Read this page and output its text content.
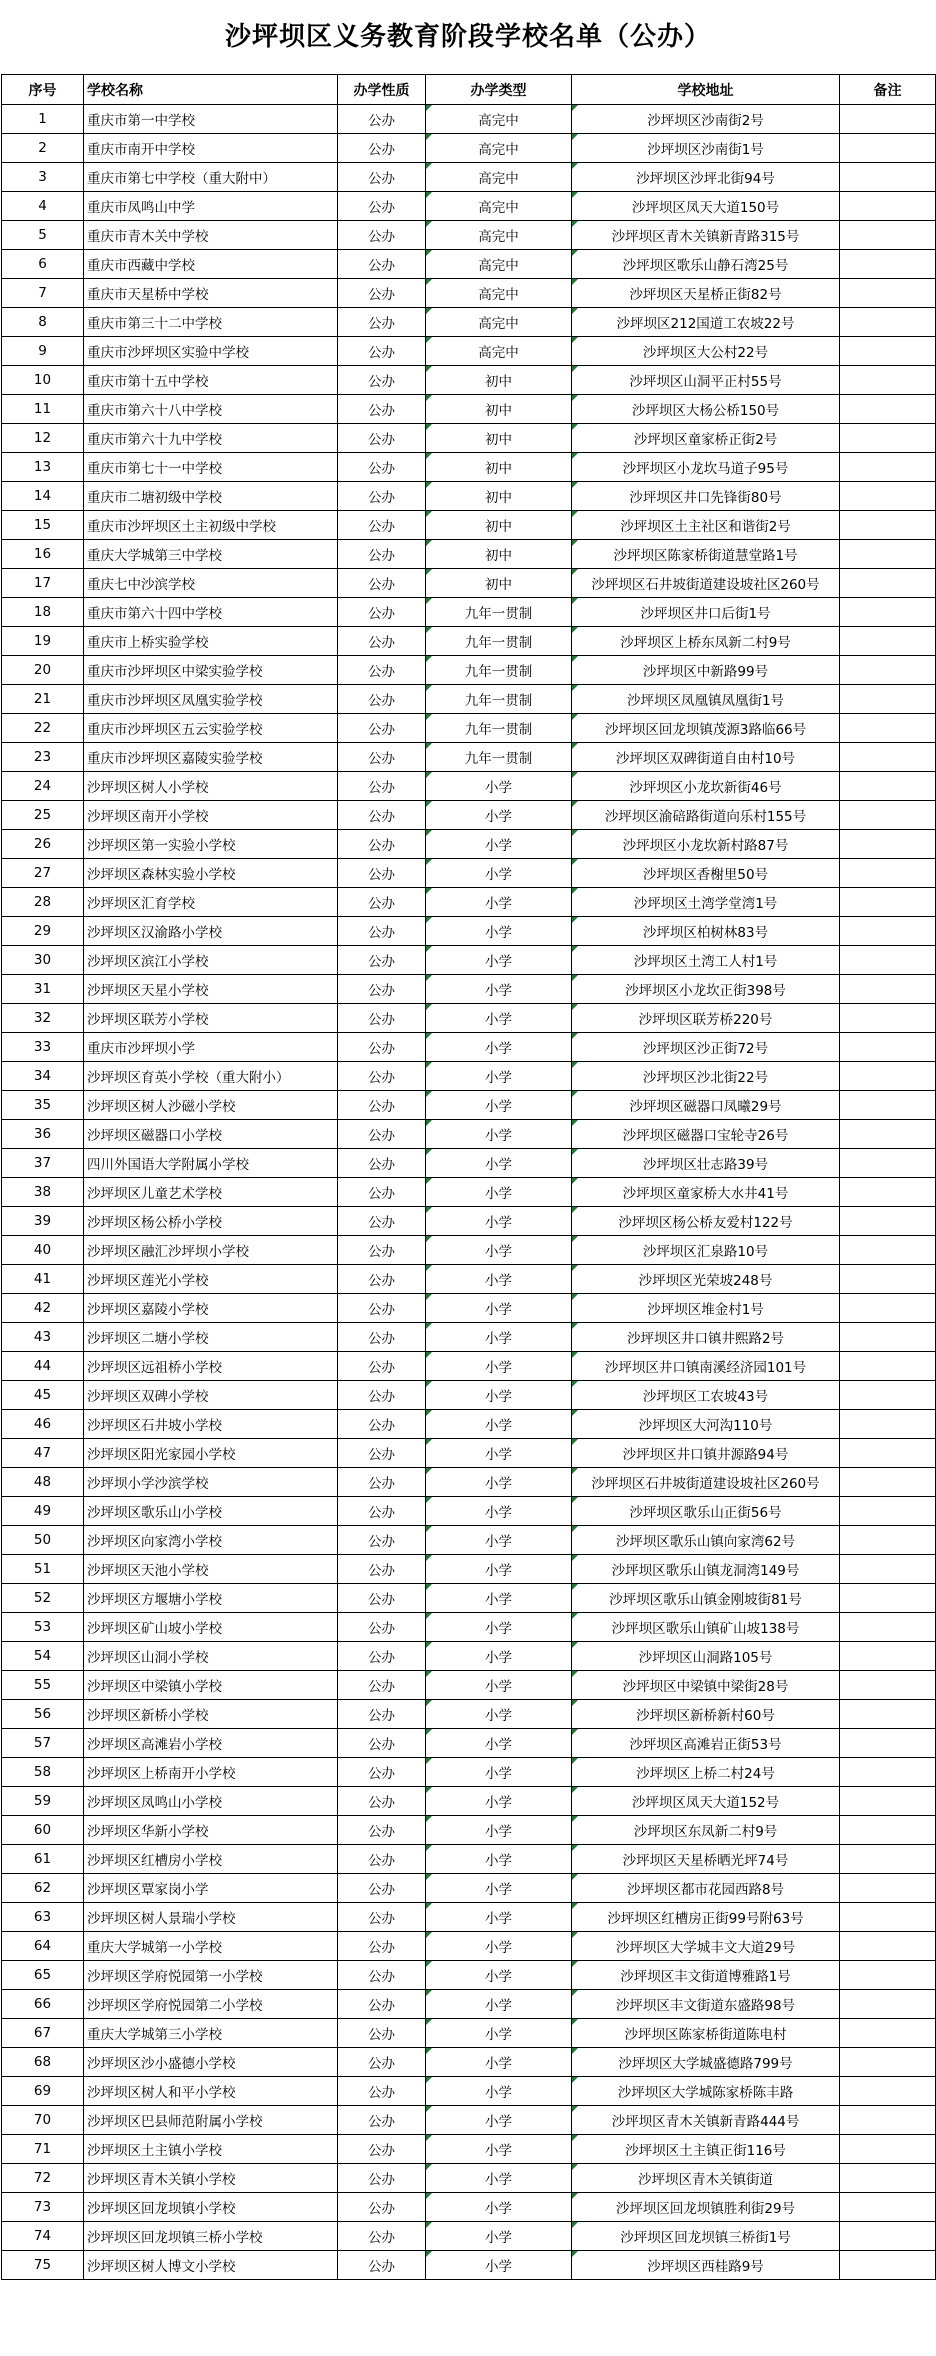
沙坪坝区义务教育阶段学校名单（公办）
序号	学校名称	办学性质	办学类型	学校地址	备注
1	重庆市第一中学校	公办	高完中	沙坪坝区沙南街2号	
2	重庆市南开中学校	公办	高完中	沙坪坝区沙南街1号	
3	重庆市第七中学校（重大附中）	公办	高完中	沙坪坝区沙坪北街94号	
4	重庆市凤鸣山中学	公办	高完中	沙坪坝区凤天大道150号	
5	重庆市青木关中学校	公办	高完中	沙坪坝区青木关镇新青路315号	
6	重庆市西藏中学校	公办	高完中	沙坪坝区歌乐山静石湾25号	
7	重庆市天星桥中学校	公办	高完中	沙坪坝区天星桥正街82号	
8	重庆市第三十二中学校	公办	高完中	沙坪坝区212国道工农坡22号	
9	重庆市沙坪坝区实验中学校	公办	高完中	沙坪坝区大公村22号	
10	重庆市第十五中学校	公办	初中	沙坪坝区山洞平正村55号	
11	重庆市第六十八中学校	公办	初中	沙坪坝区大杨公桥150号	
12	重庆市第六十九中学校	公办	初中	沙坪坝区童家桥正街2号	
13	重庆市第七十一中学校	公办	初中	沙坪坝区小龙坎马道子95号	
14	重庆市二塘初级中学校	公办	初中	沙坪坝区井口先锋街80号	
15	重庆市沙坪坝区土主初级中学校	公办	初中	沙坪坝区土主社区和谐街2号	
16	重庆大学城第三中学校	公办	初中	沙坪坝区陈家桥街道慧堂路1号	
17	重庆七中沙滨学校	公办	初中	沙坪坝区石井坡街道建设坡社区260号	
18	重庆市第六十四中学校	公办	九年一贯制	沙坪坝区井口后街1号	
19	重庆市上桥实验学校	公办	九年一贯制	沙坪坝区上桥东凤新二村9号	
20	重庆市沙坪坝区中梁实验学校	公办	九年一贯制	沙坪坝区中新路99号	
21	重庆市沙坪坝区凤凰实验学校	公办	九年一贯制	沙坪坝区凤凰镇凤凰街1号	
22	重庆市沙坪坝区五云实验学校	公办	九年一贯制	沙坪坝区回龙坝镇茂源3路临66号	
23	重庆市沙坪坝区嘉陵实验学校	公办	九年一贯制	沙坪坝区双碑街道自由村10号	
24	沙坪坝区树人小学校	公办	小学	沙坪坝区小龙坎新街46号	
25	沙坪坝区南开小学校	公办	小学	沙坪坝区渝碚路街道向乐村155号	
26	沙坪坝区第一实验小学校	公办	小学	沙坪坝区小龙坎新村路87号	
27	沙坪坝区森林实验小学校	公办	小学	沙坪坝区香榭里50号	
28	沙坪坝区汇育学校	公办	小学	沙坪坝区土湾学堂湾1号	
29	沙坪坝区汉渝路小学校	公办	小学	沙坪坝区柏树林83号	
30	沙坪坝区滨江小学校	公办	小学	沙坪坝区土湾工人村1号	
31	沙坪坝区天星小学校	公办	小学	沙坪坝区小龙坎正街398号	
32	沙坪坝区联芳小学校	公办	小学	沙坪坝区联芳桥220号	
33	重庆市沙坪坝小学	公办	小学	沙坪坝区沙正街72号	
34	沙坪坝区育英小学校（重大附小）	公办	小学	沙坪坝区沙北街22号	
35	沙坪坝区树人沙磁小学校	公办	小学	沙坪坝区磁器口凤曦29号	
36	沙坪坝区磁器口小学校	公办	小学	沙坪坝区磁器口宝轮寺26号	
37	四川外国语大学附属小学校	公办	小学	沙坪坝区壮志路39号	
38	沙坪坝区儿童艺术学校	公办	小学	沙坪坝区童家桥大水井41号	
39	沙坪坝区杨公桥小学校	公办	小学	沙坪坝区杨公桥友爱村122号	
40	沙坪坝区融汇沙坪坝小学校	公办	小学	沙坪坝区汇泉路10号	
41	沙坪坝区莲光小学校	公办	小学	沙坪坝区光荣坡248号	
42	沙坪坝区嘉陵小学校	公办	小学	沙坪坝区堆金村1号	
43	沙坪坝区二塘小学校	公办	小学	沙坪坝区井口镇井熙路2号	
44	沙坪坝区远祖桥小学校	公办	小学	沙坪坝区井口镇南溪经济园101号	
45	沙坪坝区双碑小学校	公办	小学	沙坪坝区工农坡43号	
46	沙坪坝区石井坡小学校	公办	小学	沙坪坝区大河沟110号	
47	沙坪坝区阳光家园小学校	公办	小学	沙坪坝区井口镇井源路94号	
48	沙坪坝小学沙滨学校	公办	小学	沙坪坝区石井坡街道建设坡社区260号	
49	沙坪坝区歌乐山小学校	公办	小学	沙坪坝区歌乐山正街56号	
50	沙坪坝区向家湾小学校	公办	小学	沙坪坝区歌乐山镇向家湾62号	
51	沙坪坝区天池小学校	公办	小学	沙坪坝区歌乐山镇龙洞湾149号	
52	沙坪坝区方堰塘小学校	公办	小学	沙坪坝区歌乐山镇金刚坡街81号	
53	沙坪坝区矿山坡小学校	公办	小学	沙坪坝区歌乐山镇矿山坡138号	
54	沙坪坝区山洞小学校	公办	小学	沙坪坝区山洞路105号	
55	沙坪坝区中梁镇小学校	公办	小学	沙坪坝区中梁镇中梁街28号	
56	沙坪坝区新桥小学校	公办	小学	沙坪坝区新桥新村60号	
57	沙坪坝区高滩岩小学校	公办	小学	沙坪坝区高滩岩正街53号	
58	沙坪坝区上桥南开小学校	公办	小学	沙坪坝区上桥二村24号	
59	沙坪坝区凤鸣山小学校	公办	小学	沙坪坝区凤天大道152号	
60	沙坪坝区华新小学校	公办	小学	沙坪坝区东凤新二村9号	
61	沙坪坝区红槽房小学校	公办	小学	沙坪坝区天星桥晒光坪74号	
62	沙坪坝区覃家岗小学	公办	小学	沙坪坝区都市花园西路8号	
63	沙坪坝区树人景瑞小学校	公办	小学	沙坪坝区红槽房正街99号附63号	
64	重庆大学城第一小学校	公办	小学	沙坪坝区大学城丰文大道29号	
65	沙坪坝区学府悦园第一小学校	公办	小学	沙坪坝区丰文街道博雅路1号	
66	沙坪坝区学府悦园第二小学校	公办	小学	沙坪坝区丰文街道东盛路98号	
67	重庆大学城第三小学校	公办	小学	沙坪坝区陈家桥街道陈电村	
68	沙坪坝区沙小盛德小学校	公办	小学	沙坪坝区大学城盛德路799号	
69	沙坪坝区树人和平小学校	公办	小学	沙坪坝区大学城陈家桥陈丰路	
70	沙坪坝区巴县师范附属小学校	公办	小学	沙坪坝区青木关镇新青路444号	
71	沙坪坝区土主镇小学校	公办	小学	沙坪坝区土主镇正街116号	
72	沙坪坝区青木关镇小学校	公办	小学	沙坪坝区青木关镇街道	
73	沙坪坝区回龙坝镇小学校	公办	小学	沙坪坝区回龙坝镇胜利街29号	
74	沙坪坝区回龙坝镇三桥小学校	公办	小学	沙坪坝区回龙坝镇三桥街1号	
75	沙坪坝区树人博文小学校	公办	小学	沙坪坝区西桂路9号	
